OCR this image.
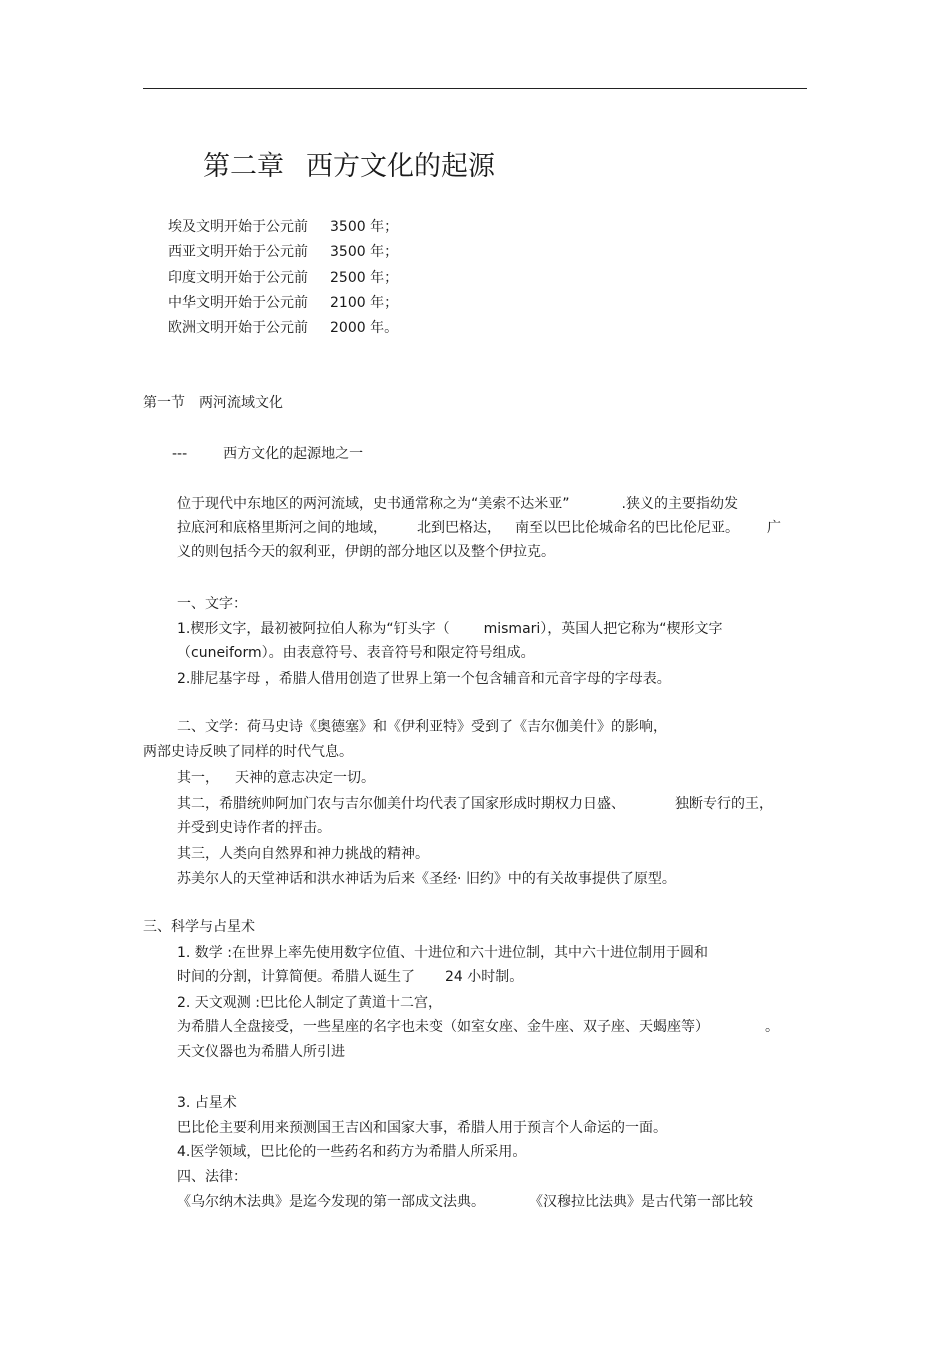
第二章 西方文化的起源
埃及文明开始于公元前 3500 年；
西亚文明开始于公元前 3500 年；
印度文明开始于公元前 2500 年；
中华文明开始于公元前 2100 年；
欧洲文明开始于公元前 2000 年。
第一节　两河流域文化
---	西方文化的起源地之一
位于现代中东地区的两河流域，史书通常称之为“美索不达米亚”	.狭义的主要指幼发
拉底河和底格里斯河之间的地域， 北到巴格达， 南至以巴比伦城命名的巴比伦尼亚。 广
义的则包括今天的叙利亚，伊朗的部分地区以及整个伊拉克。
一、文字：
1.楔形文字，最初被阿拉伯人称为“钉头字（ mismari），英国人把它称为“楔形文字
（cuneiform）。由表意符号、表音符号和限定符号组成。
2.腓尼基字母 ，希腊人借用创造了世界上第一个包含辅音和元音字母的字母表。
二、文学：荷马史诗《奥德塞》和《伊利亚特》受到了《吉尔伽美什》的影响，
两部史诗反映了同样的时代气息。
其一， 天神的意志决定一切。
其二，希腊统帅阿加门农与吉尔伽美什均代表了国家形成时期权力日盛、	独断专行的王，
并受到史诗作者的抨击。
其三，人类向自然界和神力挑战的精神。
苏美尔人的天堂神话和洪水神话为后来《圣经· 旧约》中的有关故事提供了原型。
三、科学与占星术
1. 数学 :在世界上率先使用数字位值、十进位和六十进位制，其中六十进位制用于圆和
时间的分割，计算简便。希腊人诞生了 24 小时制。
2. 天文观测 :巴比伦人制定了黄道十二宫，
为希腊人全盘接受，一些星座的名字也未变（如室女座、金牛座、双子座、天蝎座等）	。
天文仪器也为希腊人所引进
3. 占星术
巴比伦主要利用来预测国王吉凶和国家大事，希腊人用于预言个人命运的一面。
4.医学领域，巴比伦的一些药名和药方为希腊人所采用。
四、法律：
《乌尔纳木法典》是迄今发现的第一部成文法典。	《汉穆拉比法典》是古代第一部比较
